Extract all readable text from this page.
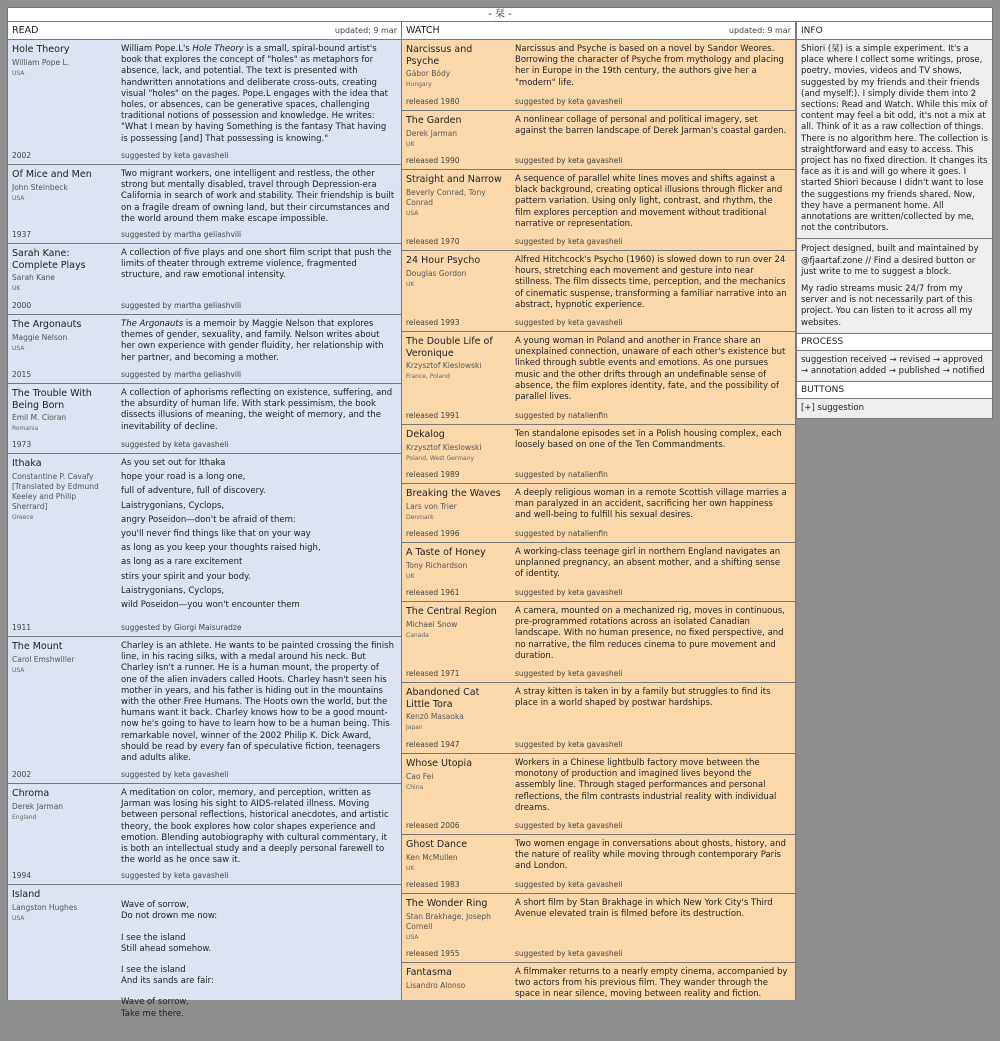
- 栞 -
READ	updated: 9 mar
Hole Theory
William Pope L.
USA
2002
William Pope.L's Hole Theory is a small, spiral-bound artist's book that explores the concept of "holes" as metaphors for absence, lack, and potential. The text is presented with handwritten annotations and deliberate cross-outs, creating visual "holes" on the pages. Pope.L engages with the idea that holes, or absences, can be generative spaces, challenging traditional notions of possession and knowledge. He writes: "What I mean by having Something is the fantasy That having is possessing [and] That possessing is knowing."
suggested by keta gavasheli
Of Mice and Men
John Steinbeck
USA
1937
Two migrant workers, one intelligent and restless, the other strong but mentally disabled, travel through Depression-era California in search of work and stability. Their friendship is built on a fragile dream of owning land, but their circumstances and the world around them make escape impossible.
suggested by martha geliashvili
Sarah Kane: Complete Plays
Sarah Kane
UK
2000
A collection of five plays and one short film script that push the limits of theater through extreme violence, fragmented structure, and raw emotional intensity.
suggested by martha geliashvili
The Argonauts
Maggie Nelson
USA
2015
The Argonauts is a memoir by Maggie Nelson that explores themes of gender, sexuality, and family. Nelson writes about her own experience with gender fluidity, her relationship with her partner, and becoming a mother.
suggested by martha geliashvili
The Trouble With Being Born
Emil M. Cioran
Romania
1973
A collection of aphorisms reflecting on existence, suffering, and the absurdity of human life. With stark pessimism, the book dissects illusions of meaning, the weight of memory, and the inevitability of decline.
suggested by keta gavasheli
Ithaka
Constantine P. Cavafy [Translated by Edmund Keeley and Philip Sherrard]
Greece
1911

As you set out for Ithaka

hope your road is a long one,

full of adventure, full of discovery.

Laistrygonians, Cyclops,

angry Poseidon—don't be afraid of them:

you'll never find things like that on your way

as long as you keep your thoughts raised high,

as long as a rare excitement

stirs your spirit and your body.

Laistrygonians, Cyclops,

wild Poseidon—you won't encounter them

suggested by Giorgi Maisuradze
The Mount
Carol Emshwiller
USA
2002
Charley is an athlete. He wants to be painted crossing the finish line, in his racing silks, with a medal around his neck. But Charley isn't a runner. He is a human mount, the property of one of the alien invaders called Hoots. Charley hasn't seen his mother in years, and his father is hiding out in the mountains with the other Free Humans. The Hoots own the world, but the humans want it back. Charley knows how to be a good mount-now he's going to have to learn how to be a human being. This remarkable novel, winner of the 2002 Philip K. Dick Award, should be read by every fan of speculative fiction, teenagers and adults alike.
suggested by keta gavasheli
Chroma
Derek Jarman
England
1994
A meditation on color, memory, and perception, written as Jarman was losing his sight to AIDS-related illness. Moving between personal reflections, historical anecdotes, and artistic theory, the book explores how color shapes experience and emotion. Blending autobiography with cultural commentary, it is both an intellectual study and a deeply personal farewell to the world as he once saw it.
suggested by keta gavasheli
Island
Langston Hughes
USA

Wave of sorrow,
Do not drown me now:

I see the island
Still ahead somehow.

I see the island
And its sands are fair:

Wave of sorrow,
Take me there.

WATCH	updated: 9 mar
Narcissus and Psyche
Gábor Bódy
Hungary
released 1980
Narcissus and Psyche is based on a novel by Sandor Weores. Borrowing the character of Psyche from mythology and placing her in Europe in the 19th century, the authors give her a "modern" life.
suggested by keta gavasheli
The Garden
Derek Jarman
UK
released 1990
A nonlinear collage of personal and political imagery, set against the barren landscape of Derek Jarman's coastal garden.
suggested by keta gavasheli
Straight and Narrow
Beverly Conrad, Tony Conrad
USA
released 1970
A sequence of parallel white lines moves and shifts against a black background, creating optical illusions through flicker and pattern variation. Using only light, contrast, and rhythm, the film explores perception and movement without traditional narrative or representation.
suggested by keta gavasheli
24 Hour Psycho
Douglas Gordon
UK
released 1993
Alfred Hitchcock's Psycho (1960) is slowed down to run over 24 hours, stretching each movement and gesture into near stillness. The film dissects time, perception, and the mechanics of cinematic suspense, transforming a familiar narrative into an abstract, hypnotic experience.
suggested by keta gavasheli
The Double Life of Veronique
Krzysztof Kieslowski
France, Poland
released 1991
A young woman in Poland and another in France share an unexplained connection, unaware of each other's existence but linked through subtle events and emotions. As one pursues music and the other drifts through an undefinable sense of absence, the film explores identity, fate, and the possibility of parallel lives.
suggested by natalienfin
Dekalog
Krzysztof Kieslowski
Poland, West Germany
released 1989
Ten standalone episodes set in a Polish housing complex, each loosely based on one of the Ten Commandments.
suggested by natalienfin
Breaking the Waves
Lars von Trier
Denmark
released 1996
A deeply religious woman in a remote Scottish village marries a man paralyzed in an accident, sacrificing her own happiness and well-being to fulfill his sexual desires.
suggested by natalienfin
A Taste of Honey
Tony Richardson
UK
released 1961
A working-class teenage girl in northern England navigates an unplanned pregnancy, an absent mother, and a shifting sense of identity.
suggested by keta gavasheli
The Central Region
Michael Snow
Canada
released 1971
A camera, mounted on a mechanized rig, moves in continuous, pre-programmed rotations across an isolated Canadian landscape. With no human presence, no fixed perspective, and no narrative, the film reduces cinema to pure movement and duration.
suggested by keta gavasheli
Abandoned Cat Little Tora
Kenzō Masaoka
Japan
released 1947
A stray kitten is taken in by a family but struggles to find its place in a world shaped by postwar hardships.
suggested by keta gavasheli
Whose Utopia
Cao Fei
China
released 2006
Workers in a Chinese lightbulb factory move between the monotony of production and imagined lives beyond the assembly line. Through staged performances and personal reflections, the film contrasts industrial reality with individual dreams.
suggested by keta gavasheli
Ghost Dance
Ken McMullen
UK
released 1983
Two women engage in conversations about ghosts, history, and the nature of reality while moving through contemporary Paris and London.
suggested by keta gavasheli
The Wonder Ring
Stan Brakhage, Joseph Cornell
USA
released 1955
A short film by Stan Brakhage in which New York City's Third Avenue elevated train is filmed before its destruction.
suggested by keta gavasheli
Fantasma
Lisandro Alonso
A filmmaker returns to a nearly empty cinema, accompanied by two actors from his previous film. They wander through the space in near silence, moving between reality and fiction.
INFO

Shiori (栞) is a simple experiment. It's a place where I collect some writings, prose, poetry, movies, videos and TV shows, suggested by my friends and their friends (and myself:). I simply divide them into 2 sections: Read and Watch. While this mix of content may feel a bit odd, it's not a mix at all. Think of it as a raw collection of things. There is no algorithm here. The collection is straightforward and easy to access. This project has no fixed direction. It changes its face as it is and will go where it goes. I started Shiori because I didn't want to lose the suggestions my friends shared. Now, they have a permanent home. All annotations are written/collected by me, not the contributors.

Project designed, built and maintained by @fjaartaf.zone // Find a desired button or just write to me to suggest a block.

My radio streams music 24/7 from my server and is not necessarily part of this project. You can listen to it across all my websites.

PROCESS
suggestion received → revised → approved → annotation added → published → notified
BUTTONS
[+] suggestion
